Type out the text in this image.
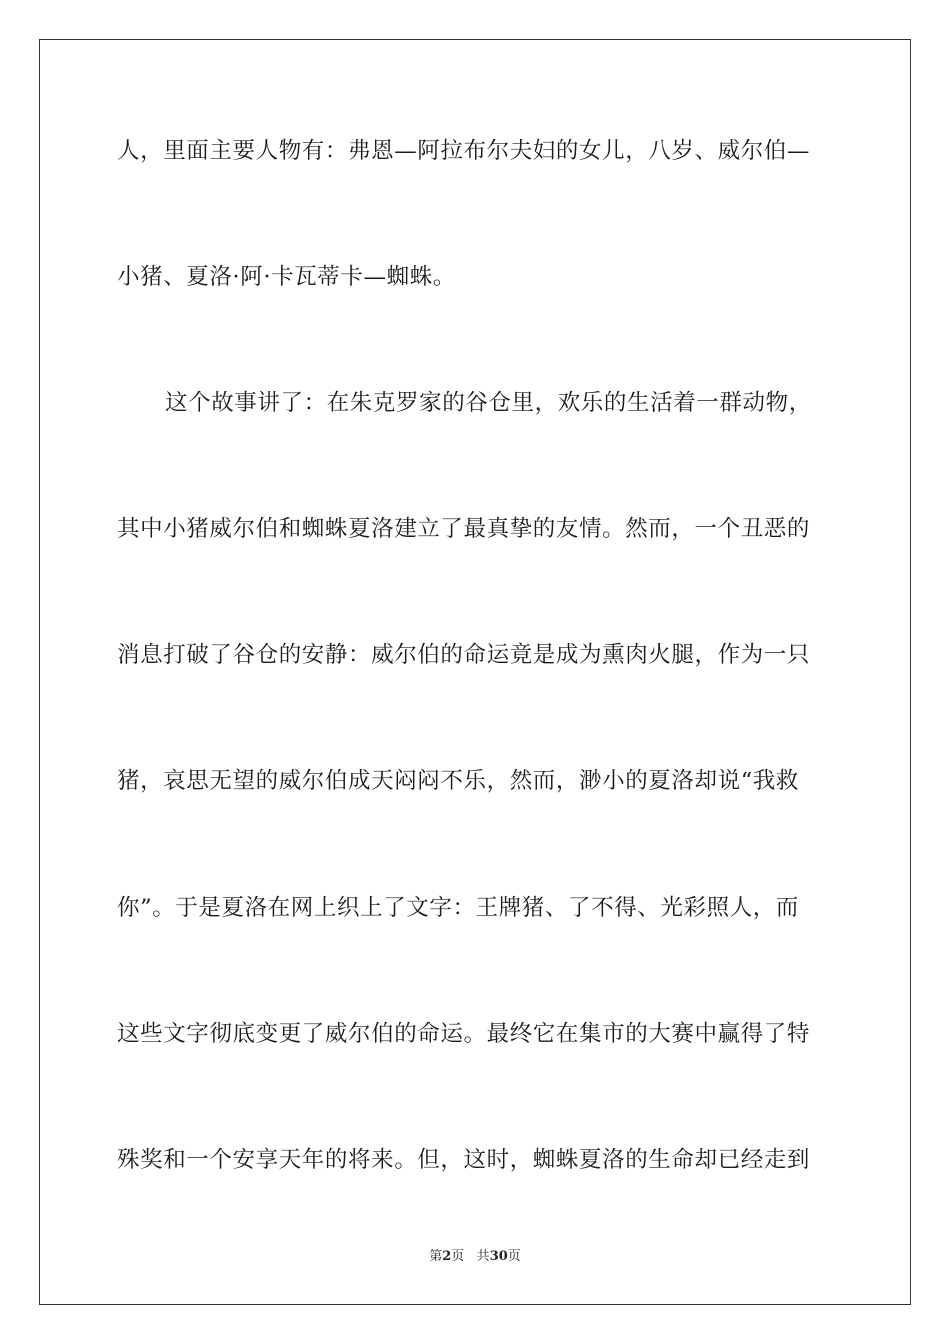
人，里面主要人物有：弗恩—阿拉布尔夫妇的女儿，八岁、威尔伯—
小猪、夏洛·阿·卡瓦蒂卡—蜘蛛。
这个故事讲了：在朱克罗家的谷仓里，欢乐的生活着一群动物，
其中小猪威尔伯和蜘蛛夏洛建立了最真挚的友情。然而，一个丑恶的
消息打破了谷仓的安静：威尔伯的命运竟是成为熏肉火腿，作为一只
猪，哀思无望的威尔伯成天闷闷不乐，然而，渺小的夏洛却说“我救
你”。于是夏洛在网上织上了文字：王牌猪、了不得、光彩照人，而
这些文字彻底变更了威尔伯的命运。最终它在集市的大赛中赢得了特
殊奖和一个安享天年的将来。但，这时，蜘蛛夏洛的生命却已经走到
第2页 共30页
